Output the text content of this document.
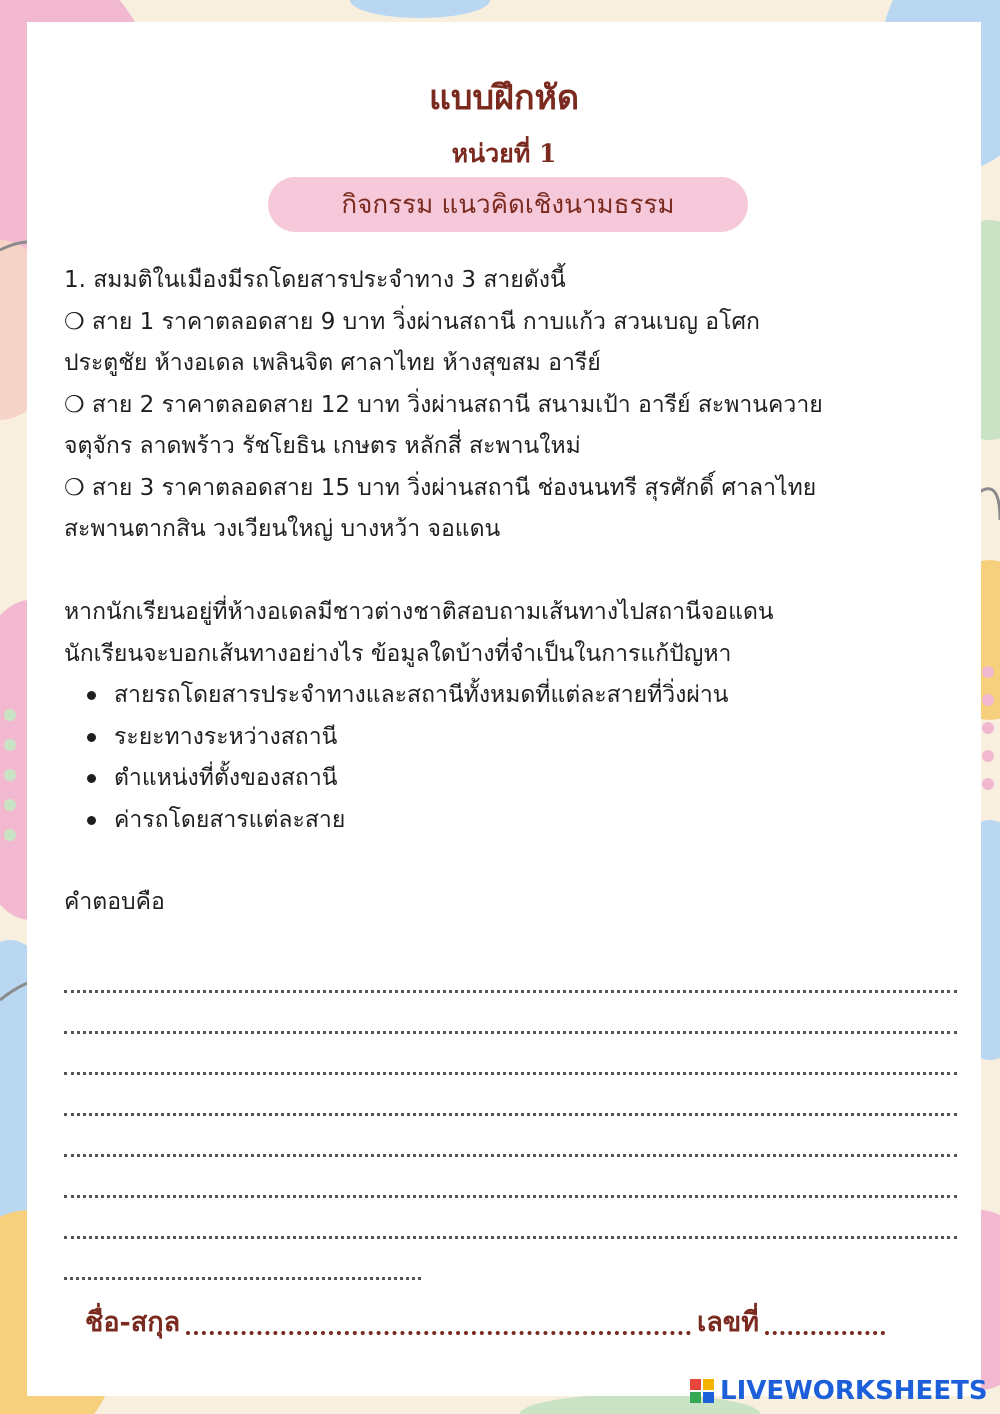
แบบฝึกหัด
หน่วยที่ 1
กิจกรรม แนวคิดเชิงนามธรรม
1. สมมติในเมืองมีรถโดยสารประจำทาง 3 สายดังนี้
❍ สาย 1 ราคาตลอดสาย 9 บาท วิ่งผ่านสถานี กาบแก้ว สวนเบญ อโศก
ประตูชัย ห้างอเดล เพลินจิต ศาลาไทย ห้างสุขสม อารีย์
❍ สาย 2 ราคาตลอดสาย 12 บาท วิ่งผ่านสถานี สนามเป้า อารีย์ สะพานควาย
จตุจักร ลาดพร้าว รัชโยธิน เกษตร หลักสี่ สะพานใหม่
❍ สาย 3 ราคาตลอดสาย 15 บาท วิ่งผ่านสถานี ช่องนนทรี สุรศักดิ์ ศาลาไทย
สะพานตากสิน วงเวียนใหญ่ บางหว้า จอแดน
หากนักเรียนอยู่ที่ห้างอเดลมีชาวต่างชาติสอบถามเส้นทางไปสถานีจอแดน
นักเรียนจะบอกเส้นทางอย่างไร ข้อมูลใดบ้างที่จำเป็นในการแก้ปัญหา
สายรถโดยสารประจำทางและสถานีทั้งหมดที่แต่ละสายที่วิ่งผ่าน
ระยะทางระหว่างสถานี
ตำแหน่งที่ตั้งของสถานี
ค่ารถโดยสารแต่ละสาย
คำตอบคือ
ชื่อ-สกุล	เลขที่
LIVEWORKSHEETS
